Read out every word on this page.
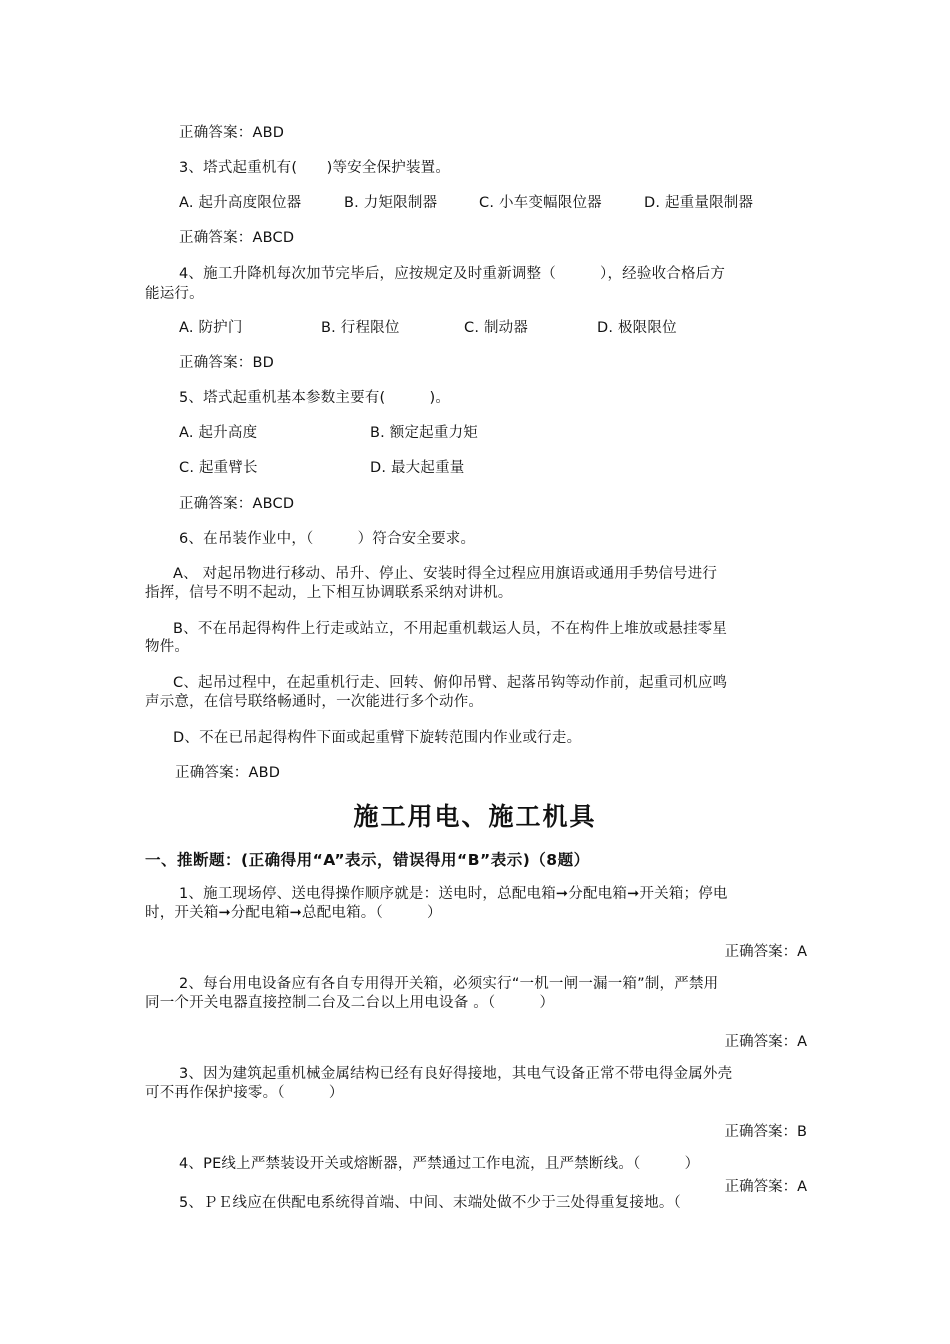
正确答案：ABD
3、塔式起重机有(　　)等安全保护装置。
A. 起升高度限位器	B. 力矩限制器	C. 小车变幅限位器	D. 起重量限制器
正确答案：ABCD
4、施工升降机每次加节完毕后，应按规定及时重新调整（　　　），经验收合格后方
能运行。
A. 防护门	B. 行程限位	C. 制动器	D. 极限限位
正确答案：BD
5、塔式起重机基本参数主要有(　　　)。
A. 起升高度	B. 额定起重力矩
C. 起重臂长	D. 最大起重量
正确答案：ABCD
6、在吊装作业中，（　　　）符合安全要求。
A、 对起吊物进行移动、吊升、停止、安装时得全过程应用旗语或通用手势信号进行
指挥，信号不明不起动，上下相互协调联系采纳对讲机。
B、不在吊起得构件上行走或站立，不用起重机载运人员，不在构件上堆放或悬挂零星
物件。
C、起吊过程中，在起重机行走、回转、俯仰吊臂、起落吊钩等动作前，起重司机应鸣
声示意，在信号联络畅通时，一次能进行多个动作。
D、不在已吊起得构件下面或起重臂下旋转范围内作业或行走。
正确答案：ABD
施工用电、施工机具
一、推断题：(正确得用“A”表示，错误得用“B”表示)（8题）
1、施工现场停、送电得操作顺序就是：送电时，总配电箱➞分配电箱➞开关箱；停电
时，开关箱➞分配电箱➞总配电箱。（　　　）
正确答案：A
2、每台用电设备应有各自专用得开关箱，必须实行“一机一闸一漏一箱”制，严禁用
同一个开关电器直接控制二台及二台以上用电设备 。（　　　）
正确答案：A
3、因为建筑起重机械金属结构已经有良好得接地，其电气设备正常不带电得金属外壳
可不再作保护接零。（　　　）
正确答案：B
4、PE线上严禁装设开关或熔断器，严禁通过工作电流，且严禁断线。（　　　）
正确答案：A
5、ＰＥ线应在供配电系统得首端、中间、末端处做不少于三处得重复接地。（
